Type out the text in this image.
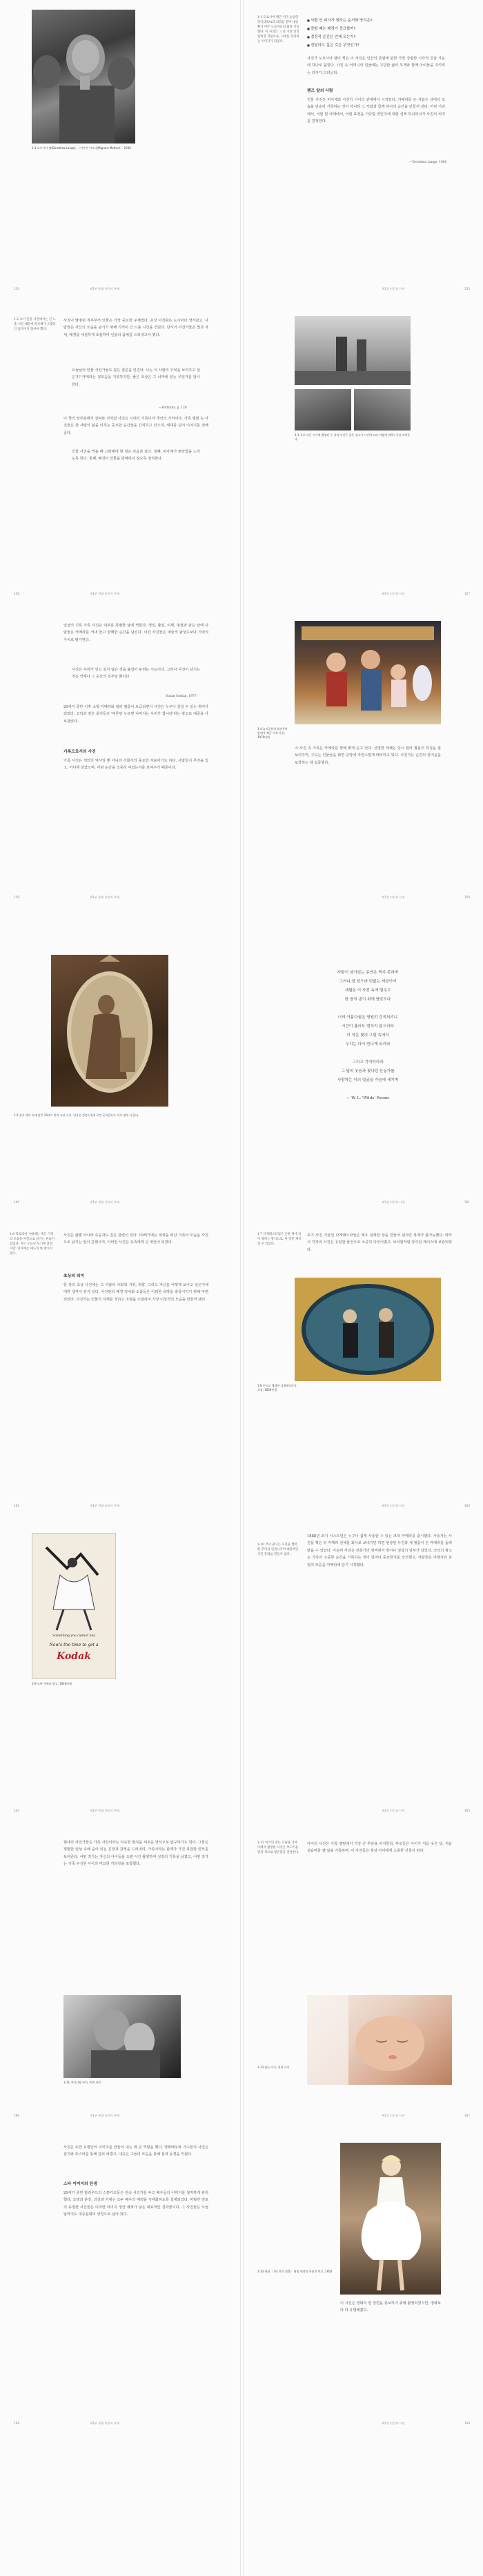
1-1 도로시아 랭(Dorothea Lange), 〈이주민 어머니(Migrant Mother)〉 1936
154	제1부 현대 사진의 주제
1-1 도로시아 랭은 미국 농업안정국(FSA)의 의뢰를 받아 대공황기 이주 노동자들의 삶을 기록했다. 이 사진은 그 중 가장 널리 알려진 작품으로, 시대를 상징하는 이미지가 되었다.
■ 사람 안 피사가 원하는 순서와 방식은?
■ 말할 때는 배경이 중요할까?
■ 결정적 순간은 언제 오는가?
■ 전달하고 싶은 것은 무엇인가?
사진가 도로시아 랭이 찍은 이 사진은 인간의 존엄에 관한 가장 강렬한 시각적 진술 가운데 하나로 꼽힌다. 사진 속 어머니의 얼굴에는 고단한 삶의 무게와 함께 아이들을 지키려는 의지가 드러난다.
렌즈 앞의 사람
인물 사진은 피사체와 사진가 사이의 관계에서 시작된다. 카메라를 든 사람은 상대의 모습을 단순히 기록하는 것이 아니라 그 사람과 함께 하나의 순간을 만들어 낸다. 어떤 거리에서, 어떤 빛 아래에서, 어떤 표정을 기다릴 것인지에 대한 선택 하나하나가 사진의 의미를 결정한다.
—Dorothea Lange, 1960
155
제1장 인간과 사진
1-2 초기 인물 사진에서는 긴 노출 시간 때문에 피사체가 오랫동안 움직이지 않아야 했다.
사진이 발명된 직후부터 인물은 가장 중요한 주제였다. 초상 사진관은 도시마다 생겨났고, 사람들은 자신의 모습을 남기기 위해 기꺼이 긴 노출 시간을 견뎠다. 당시의 사진가들은 빛과 자세, 배경을 세심하게 조율하여 인물의 품위를 드러내고자 했다.
오늘날의 인물 사진가들도 같은 질문을 던진다. 나는 이 사람의 무엇을 보여주고 싶은가? 카메라는 겉모습을 기록하지만, 좋은 초상은 그 너머에 있는 무언가를 암시한다.
—Portraits, p. 128
이 책의 앞부분에서 살펴본 것처럼 사진은 시대의 기록이자 개인의 기억이다. 가족 앨범 속 사진들은 한 사람의 삶을 이루는 중요한 순간들을 간직하고 있으며, 세대를 넘어 이야기를 전해준다.
인물 사진을 찍을 때 고려해야 할 점은 다음과 같다. 첫째, 피사체가 편안함을 느끼도록 한다. 둘째, 배경이 인물을 방해하지 않도록 정리한다.
156	제1부 현대 사진의 주제
1-3 서로 다른 시기에 촬영된 두 장의 사진은 같은 장소가 시간에 따라 어떻게 변하는지를 보여준다.
157
제1장 인간과 사진
일상의 기록 가족 사진은 대부분 특별한 날에 찍힌다. 생일, 졸업, 여행, 명절과 같은 날에 사람들은 카메라를 꺼내 들고 함께한 순간을 남긴다. 이런 사진들은 예술적 완성도보다 기억의 가치로 평가된다.
사진은 우리가 잊고 싶지 않은 것을 붙잡아 두려는 시도이다. 그러나 사진이 남기는 것은 언제나 그 순간의 일부일 뿐이다.
Susan Sontag, 1977
20세기 중반 이후 소형 카메라와 컬러 필름이 보급되면서 사진은 누구나 즐길 수 있는 취미가 되었다. 코닥과 같은 회사들은 '버튼만 누르면 나머지는 우리가 합니다'라는 광고로 대중을 사로잡았다.
기록으로서의 사진
가족 사진은 개인의 역사일 뿐 아니라 사회사의 중요한 자료이기도 하다. 사람들이 무엇을 입고, 어디에 살았으며, 어떤 순간을 소중히 여겼는지를 보여주기 때문이다.
158	제1부 현대 사진의 주제
1-4 놀이공원의 회전목마 앞에서 찍은 가족 사진, 1970년대
이 사진 속 가족은 카메라를 향해 밝게 웃고 있다. 선명한 색채는 당시 컬러 필름의 특징을 잘 보여주며, 구도는 인물들을 화면 중앙에 자연스럽게 배치하고 있다. 사진가는 순간의 즐거움을 포착하는 데 집중했다.
159
제1장 인간과 사진
1-5 장식 액자 속에 담긴 19세기 말의 초상 사진. 인물은 정성스럽게 꾸민 옷차림으로 의자 옆에 서 있다.
160	제1부 현대 사진의 주제
사람이 살아있는 동안은 찍지 못하며
그러니 잘 있으라 덧없는 세상이여
세월은 이 사진 속에 멈추고
한 장의 종이 위에 남았도다

너의 아름다움은 영원히 간직되리니
시간이 흘러도 변하지 않으리라
이 작은 빛의 그림 속에서
우리는 다시 만나게 되리라

그리고 기억하리라
그 날의 웃음과 빛나던 눈동자를
사랑하는 이의 얼굴을 가슴에 새기며

— W. L. 'Wilde' Poems
161
제1장 인간과 사진
1-6 빅토리아 시대에는 죽은 가족의 모습을 사진으로 남기는 관습이 있었다. 이는 오늘날 보기에 낯설지만, 당시에는 애도의 한 방식이었다.
사진은 삶뿐 아니라 죽음과도 깊은 관련이 있다. 19세기에는 세상을 떠난 가족의 모습을 사진으로 남기는 일이 흔했으며, 이러한 사진은 유족에게 큰 위안이 되었다.
초상의 의미
한 장의 초상 사진에는 그 사람의 사회적 지위, 취향, 그리고 자신을 어떻게 보이고 싶은지에 대한 생각이 담겨 있다. 사진관의 배경 장치와 소품들은 이러한 욕망을 충족시키기 위해 마련되었다. 사진가는 인물의 자세를 정하고 조명을 조절하여 가장 이상적인 모습을 만들어 냈다.
162	제1부 현대 사진의 주제
1-7 다게레오타입은 은판 위에 상이 맺히는 방식으로, 한 장만 제작할 수 있었다.
초기 사진 기술인 다게레오타입은 매우 섬세한 상을 만들어 냈지만 복제가 불가능했다. 따라서 각각의 사진은 유일한 물건으로 소중히 다루어졌고, 보석함처럼 장식된 케이스에 보관되었다.
1-8 손으로 채색한 다게레오타입 초상, 1850년경
163
제1장 인간과 사진
Something you cannot buy
Now's the time to get a
Kodak
1-9 코닥 카메라 광고, 1920년대
164	제1부 현대 사진의 주제
1-10 코닥 광고는 사진을 행복한 추억과 연결시키며 대중적인 사진 문화를 만들어 냈다.
1888년 조지 이스트먼은 누구나 쉽게 사용할 수 있는 코닥 카메라를 출시했다. 사용자는 사진을 찍은 뒤 카메라 전체를 회사로 보내기만 하면 현상된 사진과 새 필름이 든 카메라를 돌려받을 수 있었다. 이로써 사진은 전문가의 영역에서 벗어나 일상의 일부가 되었다. 코닥의 광고는 가족의 소중한 순간을 기록하는 것이 얼마나 중요한지를 강조했고, 사람들은 여행지와 휴일의 모습을 카메라에 담기 시작했다.
165
제1장 인간과 사진
현대의 사진가들은 가족 사진이라는 익숙한 형식을 새로운 방식으로 탐구하기도 한다. 그들은 평범한 일상 속에 숨어 있는 긴장과 감정을 드러내며, 가족이라는 관계가 가진 복잡한 면모를 보여준다. 어떤 작가는 자신의 아이들을 오랜 시간 촬영하여 성장의 기록을 남겼고, 어떤 작가는 가족 구성원 사이의 미묘한 거리감을 포착했다.
1-11 어머니와 아이, 흑백 사진
166	제1부 현대 사진의 주제
1-12 아기의 잠든 모습을 가까이에서 촬영한 사진은 부드러운 빛과 색으로 평온함을 전달한다.
아이의 사진은 가족 앨범에서 가장 큰 부분을 차지한다. 부모들은 아이가 처음 웃은 날, 처음 걸음마를 뗀 날을 기록하며, 이 사진들은 훗날 아이에게 소중한 선물이 된다.
1-13 잠든 아기, 컬러 사진
167
제1장 인간과 사진
사진은 또한 유명인의 이미지를 만들어 내는 데 큰 역할을 했다. 영화배우와 가수들의 사진은 잡지와 포스터를 통해 널리 퍼졌고, 대중은 그들의 모습을 통해 꿈과 동경을 키웠다.
스타 이미지의 탄생
20세기 중반 할리우드의 스튜디오들은 전속 사진가를 두고 배우들의 이미지를 철저하게 관리했다. 조명과 분장, 의상과 자세는 모두 배우의 매력을 극대화하도록 설계되었다. 마릴린 먼로의 유명한 사진들은 이러한 이미지 생산 체계가 낳은 대표적인 결과물이다. 그 사진들은 오늘날까지도 대중문화의 상징으로 남아 있다.
168	제1부 현대 사진의 주제
1-14 영화 〈7년 만의 외출〉 촬영 현장의 마릴린 먼로, 1954
이 사진은 영화의 한 장면을 홍보하기 위해 촬영되었지만, 영화보다 더 유명해졌다.
169
제1장 인간과 사진
